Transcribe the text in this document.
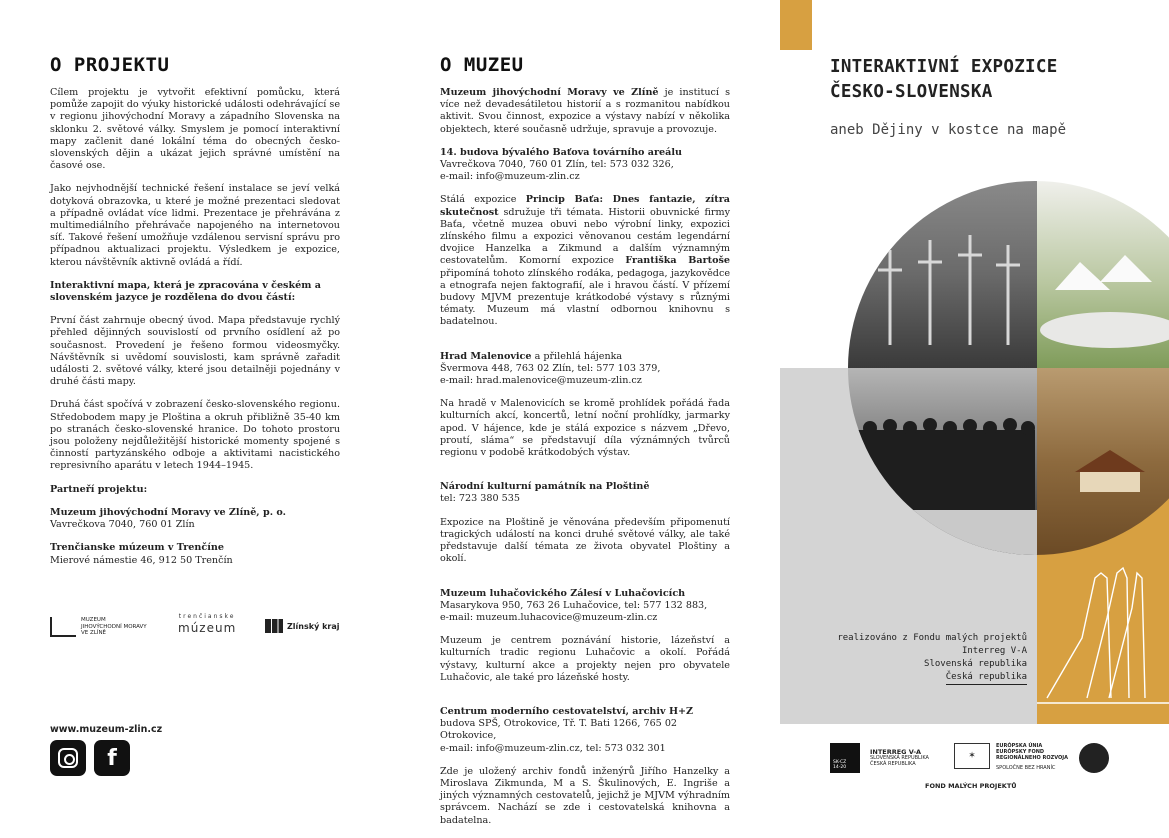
O PROJEKTU

Cílem projektu je vytvořit efektivní pomůcku, která pomůže zapojit do výuky historické události odehrávající se v regionu jihovýchodní Moravy a západního Slovenska na sklonku 2. světové války. Smyslem je pomocí interaktivní mapy začlenit dané lokální téma do obecných česko-slovenských dějin a ukázat jejich správné umístění na časové ose.

Jako nejvhodnější technické řešení instalace se jeví velká dotyková obrazovka, u které je možné prezentaci sledovat a případně ovládat více lidmi. Prezentace je přehrávána z multimediálního přehrávače napojeného na internetovou síť. Takové řešení umožňuje vzdálenou servisní správu pro případnou aktualizaci projektu. Výsledkem je expozice, kterou návštěvník aktivně ovládá a řídí.

Interaktivní mapa, která je zpracována v českém a slovenském jazyce je rozdělena do dvou částí:

První část zahrnuje obecný úvod. Mapa představuje rychlý přehled dějinných souvislostí od prvního osídlení až po současnost. Provedení je řešeno formou videosmyčky. Návštěvník si uvědomí souvislosti, kam správně zařadit události 2. světové války, které jsou detailněji pojednány v druhé části mapy.

Druhá část spočívá v zobrazení česko-slovenského regionu. Středobodem mapy je Ploština a okruh přibližně 35-40 km po stranách česko-slovenské hranice. Do tohoto prostoru jsou položeny nejdůležitější historické momenty spojené s činností partyzánského odboje a aktivitami nacistického represivního aparátu v letech 1944–1945.

Partneří projektu:

Muzeum jihovýchodní Moravy ve Zlíně, p. o.
Vavrečkova 7040, 760 01 Zlín
Trenčianske múzeum v Trenčíne
Mierové námestie 46, 912 50 Trenčín
MUZEUM
JIHOVÝCHODNÍ MORAVY
VE ZLÍNĚ
trenčianske
múzeum	Zlínský kraj
www.muzeum-zlin.cz
f
O MUZEU

Muzeum jihovýchodní Moravy ve Zlíně je institucí s více než devadesátiletou historií a s rozmanitou nabídkou aktivit. Svou činnost, expozice a výstavy nabízí v několika objektech, které současně udržuje, spravuje a provozuje.

14. budova bývalého Baťova továrního areálu
Vavrečkova 7040, 760 01 Zlín, tel: 573 032 326,
e-mail: info@muzeum-zlin.cz

Stálá expozice Princip Baťa: Dnes fantazie, zítra skutečnost sdružuje tři témata. Historii obuvnické firmy Baťa, včetně muzea obuvi nebo výrobní linky, expozici zlínského filmu a expozici věnovanou cestám legendární dvojice Hanzelka a Zikmund a dalším významným cestovatelům. Komorní expozice Františka Bartoše připomíná tohoto zlínského rodáka, pedagoga, jazykovědce a etnografa nejen faktografií, ale i hravou částí. V přízemí budovy MJVM prezentuje krátkodobé výstavy s různými tématy. Muzeum má vlastní odbornou knihovnu s badatelnou.

Hrad Malenovice a přilehlá hájenka
Švermova 448, 763 02 Zlín, tel: 577 103 379,
e-mail: hrad.malenovice@muzeum-zlin.cz

Na hradě v Malenovicích se kromě prohlídek pořádá řada kulturních akcí, koncertů, letní noční prohlídky, jarmarky apod. V hájence, kde je stálá expozice s názvem „Dřevo, proutí, sláma“ se představují díla význámných tvůrců regionu v podobě krátkodobých výstav.

Národní kulturní památník na Ploštině
tel: 723 380 535

Expozice na Ploštině je věnována především připomenutí tragických událostí na konci druhé světové války, ale také představuje další témata ze života obyvatel Ploštiny a okolí.

Muzeum luhačovického Zálesí v Luhačovicích
Masarykova 950, 763 26 Luhačovice, tel: 577 132 883,
e-mail: muzeum.luhacovice@muzeum-zlin.cz

Muzeum je centrem poznávání historie, lázeňství a kulturních tradic regionu Luhačovic a okolí. Pořádá výstavy, kulturní akce a projekty nejen pro obyvatele Luhačovic, ale také pro lázeňské hosty.

Centrum moderního cestovatelství, archiv H+Z
budova SPŠ, Otrokovice, Tř. T. Bati 1266, 765 02 Otrokovice,
e-mail: info@muzeum-zlin.cz, tel: 573 032 301

Zde je uložený archiv fondů inženýrů Jiřího Hanzelky a Miroslava Zikmunda, M a S. Škulinových, E. Ingriše a jiných významných cestovatelů, jejichž je MJVM výhradním správcem. Nachází se zde i cestovatelská knihovna a badatelna.

INTERAKTIVNÍ EXPOZICE
ČESKO-SLOVENSKA
aneb Dějiny v kostce na mapě
realizováno z Fondu malých projektů
Interreg V-A
Slovenská republika
Česká republika
SK-CZ
14-20
INTERREG V-A
SLOVENSKÁ REPUBLIKA
ČESKÁ REPUBLIKA
✶
EURÓPSKA ÚNIA
EURÓPSKY FOND
REGIONÁLNEHO ROZVOJA
SPOLOČNE BEZ HRANÍC
FOND MALÝCH PROJEKTŮ
